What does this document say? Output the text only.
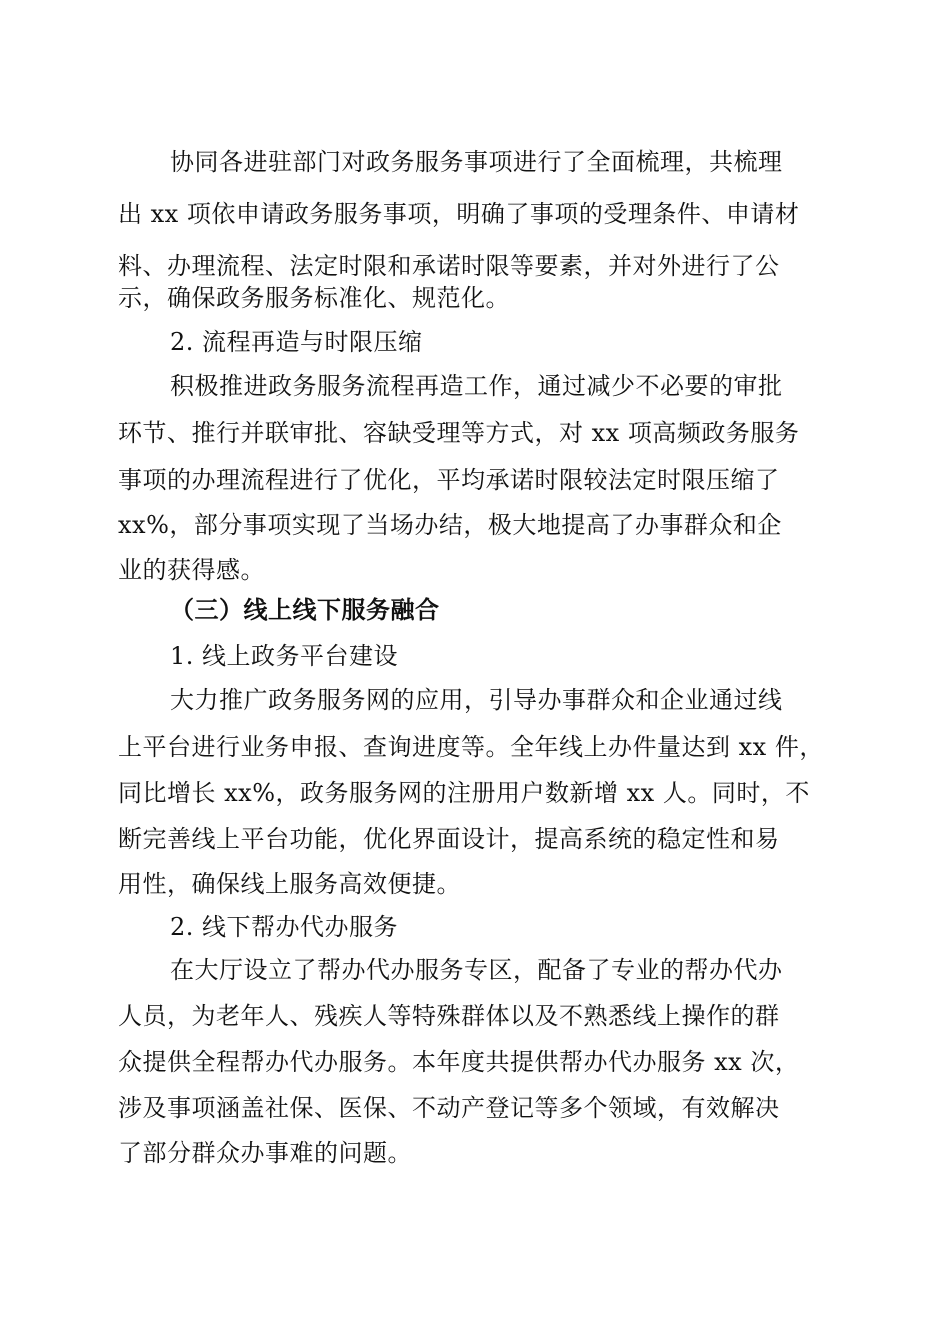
协同各进驻部门对政务服务事项进行了全面梳理，共梳理
出 xx 项依申请政务服务事项，明确了事项的受理条件、申请材
料、办理流程、法定时限和承诺时限等要素，并对外进行了公
示，确保政务服务标准化、规范化。
2. 流程再造与时限压缩
积极推进政务服务流程再造工作，通过减少不必要的审批
环节、推行并联审批、容缺受理等方式，对 xx 项高频政务服务
事项的办理流程进行了优化，平均承诺时限较法定时限压缩了
xx%，部分事项实现了当场办结，极大地提高了办事群众和企
业的获得感。
（三）线上线下服务融合
1. 线上政务平台建设
大力推广政务服务网的应用，引导办事群众和企业通过线
上平台进行业务申报、查询进度等。全年线上办件量达到 xx 件，
同比增长 xx%，政务服务网的注册用户数新增 xx 人。同时，不
断完善线上平台功能，优化界面设计，提高系统的稳定性和易
用性，确保线上服务高效便捷。
2. 线下帮办代办服务
在大厅设立了帮办代办服务专区，配备了专业的帮办代办
人员，为老年人、残疾人等特殊群体以及不熟悉线上操作的群
众提供全程帮办代办服务。本年度共提供帮办代办服务 xx 次，
涉及事项涵盖社保、医保、不动产登记等多个领域，有效解决
了部分群众办事难的问题。
